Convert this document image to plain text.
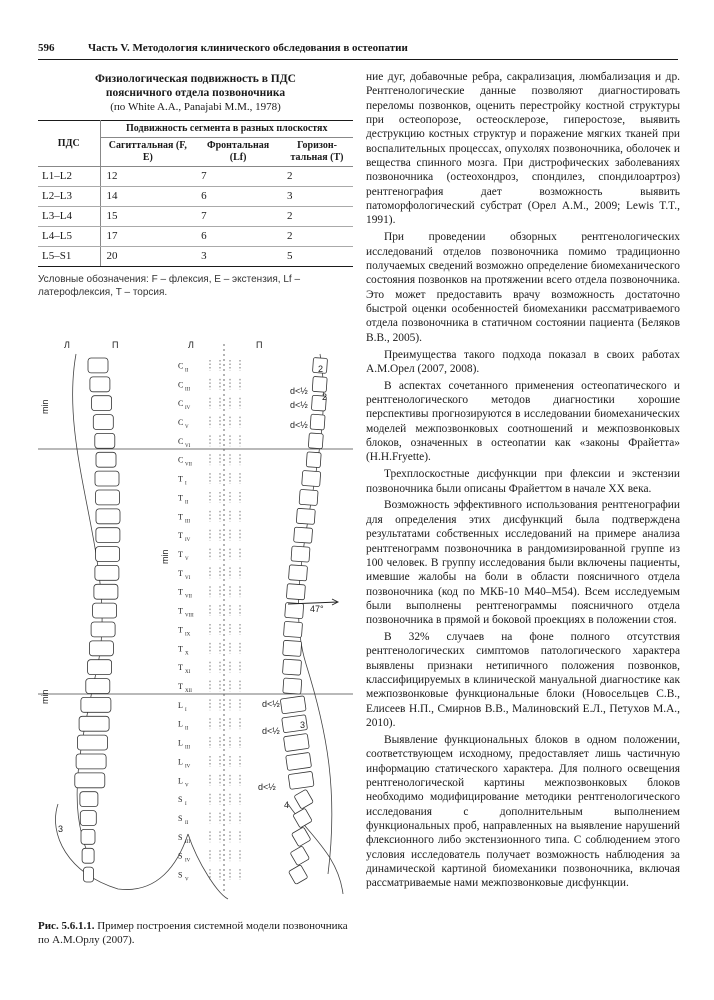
596	Часть V. Методология клинического обследования в остеопатии
Физиологическая подвижность в ПДС
поясничного отдела позвоночника
(по White A.A., Panajabi M.M., 1978)
ПДС	Подвижность сегмента в разных плоскостях		
	Сагиттальная (F, E)	Фронтальная (Lf)	Горизон-тальная (T)
L1–L2	12	7	2
L2–L3	14	6	3
L3–L4	15	7	2
L4–L5	17	6	2
L5–S1	20	3	5
Условные обозначения: F – флексия, E – экстензия, Lf – латерофлексия, T – торсия.
C
II
C
III
C
IV
C
V
C
VI
C
VII
T
I
T
II
T
III
T
IV
T
V
T
VI
T
VII
T
VIII
T
IX
T
X
T
XI
T
XII
L
I
L
II
L
III
L
IV
L
V
S
I
S
II
S
III
S
IV
S
V
Л	П	Л	П
min
min
min
47°
d<½
d<½
d<½
d<½
d<½
d<½
2
2
3
3
4
Рис. 5.6.1.1. Пример построения системной модели позвоночника по А.М.Орлу (2007).

ние дуг, добавочные ребра, сакрализация, люмбализация и др. Рентгенологические данные позволяют диагностировать переломы позвонков, оценить перестройку костной структуры при остеопорозе, остеосклерозе, гиперостозе, выявить деструкцию костных структур и поражение мягких тканей при воспалительных процессах, опухолях позвоночника, оболочек и вещества спинного мозга. При дистрофических заболеваниях позвоночника (остеохондроз, спондилез, спондилоартроз) рентгенография дает возможность выявить патоморфологический субстрат (Орел А.М., 2009; Lewis T.T., 1991).

При проведении обзорных рентгенологических исследований отделов позвоночника помимо традиционно получаемых сведений возможно определение биомеханического состояния позвонков на протяжении всего отдела позвоночника. Это может предоставить врачу возможность достаточно быстрой оценки особенностей биомеханики рассматриваемого отдела позвоночника в статичном состоянии пациента (Беляков В.В., 2005).

Преимущества такого подхода показал в своих работах А.М.Орел (2007, 2008).

В аспектах сочетанного применения остеопатического и рентгенологического методов диагностики хорошие перспективы прогнозируются в исследовании биомеханических моделей межпозвонковых соотношений и межпозвонковых блоков, означенных в остеопатии как «законы Фрайетта» (H.H.Fryette).

Трехплоскостные дисфункции при флексии и экстензии позвоночника были описаны Фрайеттом в начале XX века.

Возможность эффективного использования рентгенографии для определения этих дисфункций была подтверждена результатами собственных исследований на примере анализа рентгенограмм позвоночника в рандомизированной группе из 100 человек. В группу исследования были включены пациенты, имевшие жалобы на боли в области поясничного отдела позвоночника (код по МКБ-10 М40–М54). Всем исследуемым были выполнены рентгенограммы поясничного отдела позвоночника в прямой и боковой проекциях в положении стоя.

В 32% случаев на фоне полного отсутствия рентгенологических симптомов патологического характера выявлены признаки нетипичного положения позвонков, классифицируемых в клинической мануальной диагностике как межпозвонковые функциональные блоки (Новосельцев С.В., Елисеев Н.П., Смирнов В.В., Малиновский Е.Л., Петухов М.А., 2010).

Выявление функциональных блоков в одном положении, соответствующем исходному, предоставляет лишь частичную информацию статического характера. Для полного освещения рентгенологической картины межпозвонковых блоков необходимо модифицирование методики рентгенологического исследования с дополнительным выполнением функциональных проб, направленных на выявление нарушений флексионного либо экстензионного типа. С соблюдением этого условия исследователь получает возможность наблюдения за динамической картиной биомеханики позвоночника, включая рассматриваемые нами межпозвонковые дисфункции.
